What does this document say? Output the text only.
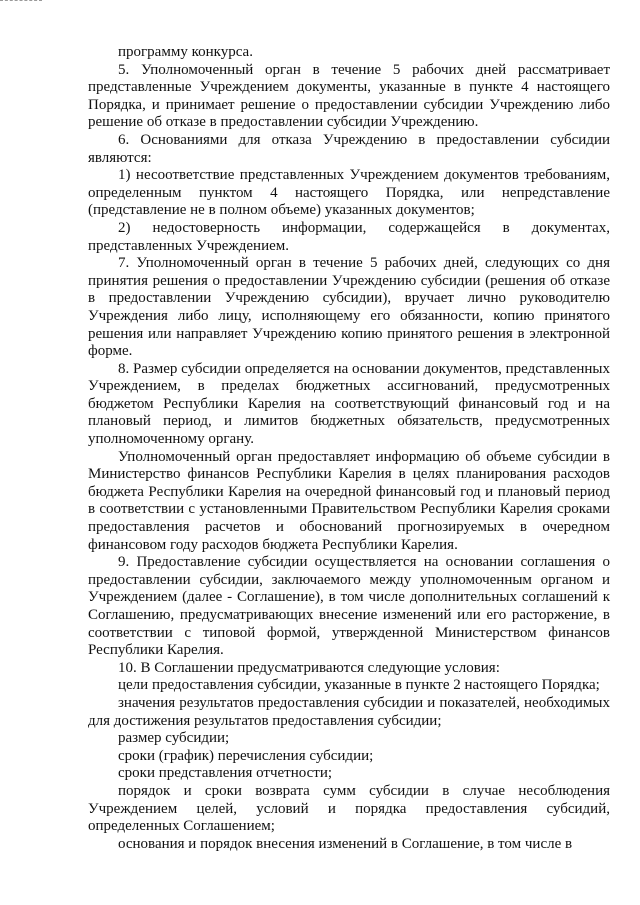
программу конкурса.

5. Уполномоченный орган в течение 5 рабочих дней рассматривает представленные Учреждением документы, указанные в пункте 4 настоящего Порядка, и принимает решение о предоставлении субсидии Учреждению либо решение об отказе в предоставлении субсидии Учреждению.

6. Основаниями для отказа Учреждению в предоставлении субсидии являются:

1) несоответствие представленных Учреждением документов требованиям, определенным пунктом 4 настоящего Порядка, или непредставление (представление не в полном объеме) указанных документов;

2) недостоверность информации, содержащейся в документах, представленных Учреждением.

7. Уполномоченный орган в течение 5 рабочих дней, следующих со дня принятия решения о предоставлении Учреждению субсидии (решения об отказе в предоставлении Учреждению субсидии), вручает лично руководителю Учреждения либо лицу, исполняющему его обязанности, копию принятого решения или направляет Учреждению копию принятого решения в электронной форме.

8. Размер субсидии определяется на основании документов, представленных Учреждением, в пределах бюджетных ассигнований, предусмотренных бюджетом Республики Карелия на соответствующий финансовый год и на плановый период, и лимитов бюджетных обязательств, предусмотренных уполномоченному органу.

Уполномоченный орган предоставляет информацию об объеме субсидии в Министерство финансов Республики Карелия в целях планирования расходов бюджета Республики Карелия на очередной финансовый год и плановый период в соответствии с установленными Правительством Республики Карелия сроками предоставления расчетов и обоснований прогнозируемых в очередном финансовом году расходов бюджета Республики Карелия.

9. Предоставление субсидии осуществляется на основании соглашения о предоставлении субсидии, заключаемого между уполномоченным органом и Учреждением (далее - Соглашение), в том числе дополнительных соглашений к Соглашению, предусматривающих внесение изменений или его расторжение, в соответствии с типовой формой, утвержденной Министерством финансов Республики Карелия.

10. В Соглашении предусматриваются следующие условия:

цели предоставления субсидии, указанные в пункте 2 настоящего Порядка;

значения результатов предоставления субсидии и показателей, необходимых для достижения результатов предоставления субсидии;

размер субсидии;

сроки (график) перечисления субсидии;

сроки представления отчетности;

порядок и сроки возврата сумм субсидии в случае несоблюдения Учреждением целей, условий и порядка предоставления субсидий, определенных Соглашением;

основания и порядок внесения изменений в Соглашение, в том числе в
